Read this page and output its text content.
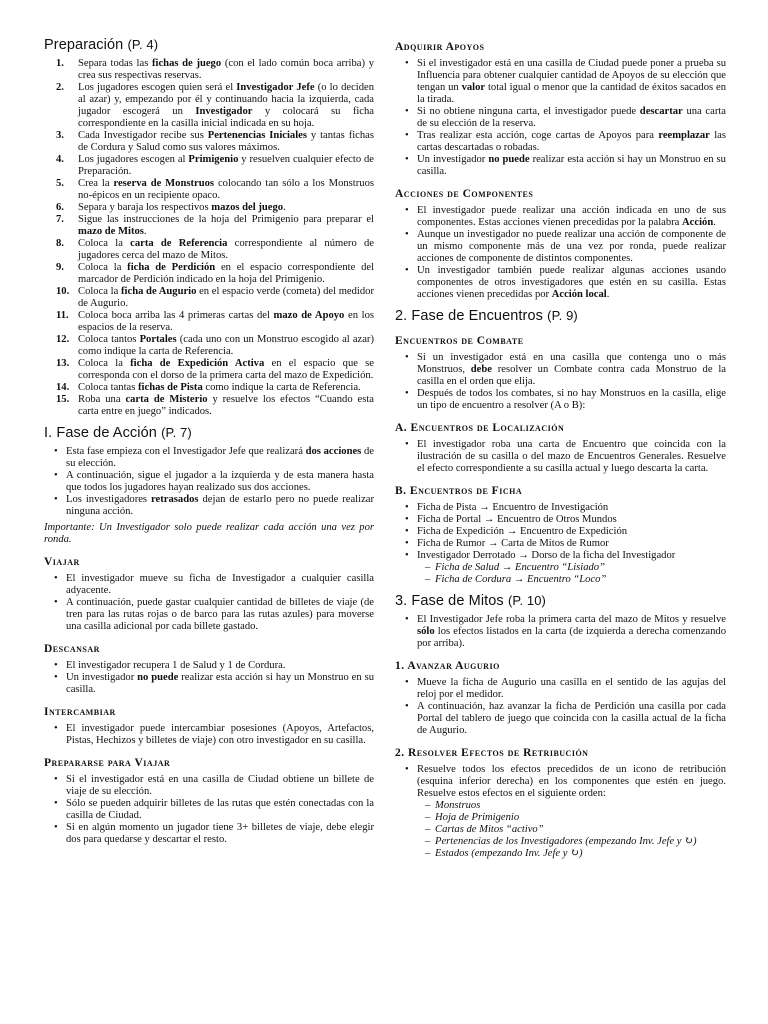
Preparación (P. 4)
1. Separa todas las fichas de juego (con el lado común boca arriba) y crea sus respectivas reservas.
2. Los jugadores escogen quien será el Investigador Jefe (o lo deciden al azar) y, empezando por él y continuando hacia la izquierda, cada jugador escogerá un Investigador y colocará su ficha correspondiente en la casilla inicial indicada en su hoja.
3. Cada Investigador recibe sus Pertenencias Iniciales y tantas fichas de Cordura y Salud como sus valores máximos.
4. Los jugadores escogen al Primigenio y resuelven cualquier efecto de Preparación.
5. Crea la reserva de Monstruos colocando tan sólo a los Monstruos no-épicos en un recipiente opaco.
6. Separa y baraja los respectivos mazos del juego.
7. Sigue las instrucciones de la hoja del Primigenio para preparar el mazo de Mitos.
8. Coloca la carta de Referencia correspondiente al número de jugadores cerca del mazo de Mitos.
9. Coloca la ficha de Perdición en el espacio correspondiente del marcador de Perdición indicado en la hoja del Primigenio.
10. Coloca la ficha de Augurio en el espacio verde (cometa) del medidor de Augurio.
11. Coloca boca arriba las 4 primeras cartas del mazo de Apoyo en los espacios de la reserva.
12. Coloca tantos Portales (cada uno con un Monstruo escogido al azar) como indique la carta de Referencia.
13. Coloca la ficha de Expedición Activa en el espacio que se corresponda con el dorso de la primera carta del mazo de Expedición.
14. Coloca tantas fichas de Pista como indique la carta de Referencia.
15. Roba una carta de Misterio y resuelve los efectos “Cuando esta carta entre en juego” indicados.
I. Fase de Acción (P. 7)
• Esta fase empieza con el Investigador Jefe que realizará dos acciones de su elección.
• A continuación, sigue el jugador a la izquierda y de esta manera hasta que todos los jugadores hayan realizado sus dos acciones.
• Los investigadores retrasados dejan de estarlo pero no puede realizar ninguna acción.

Importante: Un Investigador solo puede realizar cada acción una vez por ronda.

Viajar
• El investigador mueve su ficha de Investigador a cualquier casilla adyacente.
• A continuación, puede gastar cualquier cantidad de billetes de viaje (de tren para las rutas rojas o de barco para las rutas azules) para moverse una casilla adicional por cada billete gastado.
Descansar
• El investigador recupera 1 de Salud y 1 de Cordura.
• Un investigador no puede realizar esta acción si hay un Monstruo en su casilla.
Intercambiar
• El investigador puede intercambiar posesiones (Apoyos, Artefactos, Pistas, Hechizos y billetes de viaje) con otro investigador en su casilla.
Prepararse para Viajar
• Si el investigador está en una casilla de Ciudad obtiene un billete de viaje de su elección.
• Sólo se pueden adquirir billetes de las rutas que estén conectadas con la casilla de Ciudad.
• Si en algún momento un jugador tiene 3+ billetes de viaje, debe elegir dos para quedarse y descartar el resto.
Adquirir Apoyos
• Si el investigador está en una casilla de Ciudad puede poner a prueba su Influencia para obtener cualquier cantidad de Apoyos de su elección que tengan un valor total igual o menor que la cantidad de éxitos sacados en la tirada.
• Si no obtiene ninguna carta, el investigador puede descartar una carta de su elección de la reserva.
• Tras realizar esta acción, coge cartas de Apoyos para reemplazar las cartas descartadas o robadas.
• Un investigador no puede realizar esta acción si hay un Monstruo en su casilla.
Acciones de Componentes
• El investigador puede realizar una acción indicada en uno de sus componentes. Estas acciones vienen precedidas por la palabra Acción.
• Aunque un investigador no puede realizar una acción de componente de un mismo componente más de una vez por ronda, puede realizar acciones de componente de distintos componentes.
• Un investigador también puede realizar algunas acciones usando componentes de otros investigadores que estén en su casilla. Estas acciones vienen precedidas por Acción local.
2. Fase de Encuentros (P. 9)
Encuentros de Combate
• Si un investigador está en una casilla que contenga uno o más Monstruos, debe resolver un Combate contra cada Monstruo de la casilla en el orden que elija.
• Después de todos los combates, si no hay Monstruos en la casilla, elige un tipo de encuentro a resolver (A o B):
A. Encuentros de Localización
• El investigador roba una carta de Encuentro que coincida con la ilustración de su casilla o del mazo de Encuentros Generales. Resuelve el efecto correspondiente a su casilla actual y luego descarta la carta.
B. Encuentros de Ficha
• Ficha de Pista → Encuentro de Investigación
• Ficha de Portal → Encuentro de Otros Mundos
• Ficha de Expedición → Encuentro de Expedición
• Ficha de Rumor → Carta de Mitos de Rumor
• Investigador Derrotado → Dorso de la ficha del Investigador
– Ficha de Salud → Encuentro “Lisiado”
– Ficha de Cordura → Encuentro “Loco”
3. Fase de Mitos (P. 10)
• El Investigador Jefe roba la primera carta del mazo de Mitos y resuelve sólo los efectos listados en la carta (de izquierda a derecha comenzando por arriba).
1. Avanzar Augurio
• Mueve la ficha de Augurio una casilla en el sentido de las agujas del reloj por el medidor.
• A continuación, haz avanzar la ficha de Perdición una casilla por cada Portal del tablero de juego que coincida con la casilla actual de la ficha de Augurio.
2. Resolver Efectos de Retribución
• Resuelve todos los efectos precedidos de un icono de retribución (esquina inferior derecha) en los componentes que estén en juego. Resuelve estos efectos en el siguiente orden:
– Monstruos
– Hoja de Primigenio
– Cartas de Mitos “activo”
– Pertenencias de los Investigadores (empezando Inv. Jefe y ↻)
– Estados (empezando Inv. Jefe y ↻)
